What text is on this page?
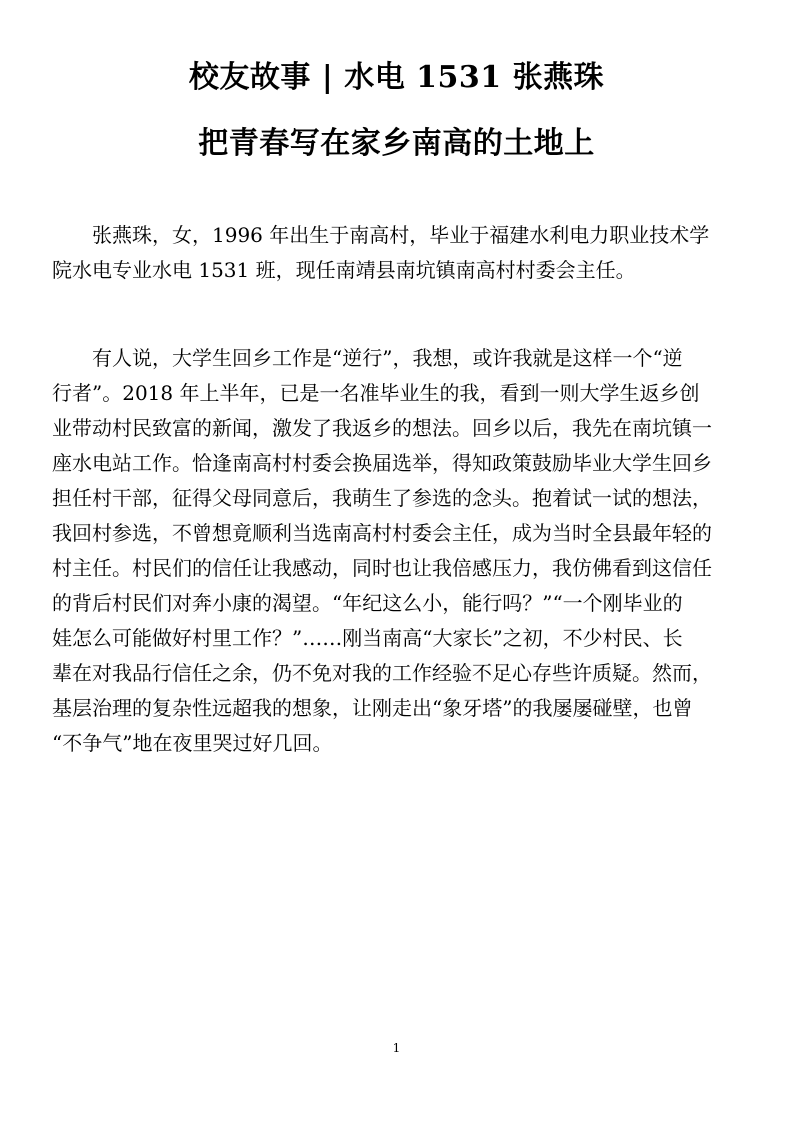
校友故事 | 水电 1531 张燕珠
把青春写在家乡南高的土地上

张燕珠，女，1996 年出生于南高村，毕业于福建水利电力职业技术学
院水电专业水电 1531 班，现任南靖县南坑镇南高村村委会主任。

有人说，大学生回乡工作是“逆行”，我想，或许我就是这样一个“逆
行者”。2018 年上半年，已是一名准毕业生的我，看到一则大学生返乡创
业带动村民致富的新闻，激发了我返乡的想法。回乡以后，我先在南坑镇一
座水电站工作。恰逢南高村村委会换届选举，得知政策鼓励毕业大学生回乡
担任村干部，征得父母同意后，我萌生了参选的念头。抱着试一试的想法，
我回村参选，不曾想竟顺利当选南高村村委会主任，成为当时全县最年轻的
村主任。村民们的信任让我感动，同时也让我倍感压力，我仿佛看到这信任
的背后村民们对奔小康的渴望。“年纪这么小，能行吗？”“一个刚毕业的
娃怎么可能做好村里工作？”……刚当南高“大家长”之初，不少村民、长
辈在对我品行信任之余，仍不免对我的工作经验不足心存些许质疑。然而，
基层治理的复杂性远超我的想象，让刚走出“象牙塔”的我屡屡碰壁，也曾
“不争气”地在夜里哭过好几回。

1
